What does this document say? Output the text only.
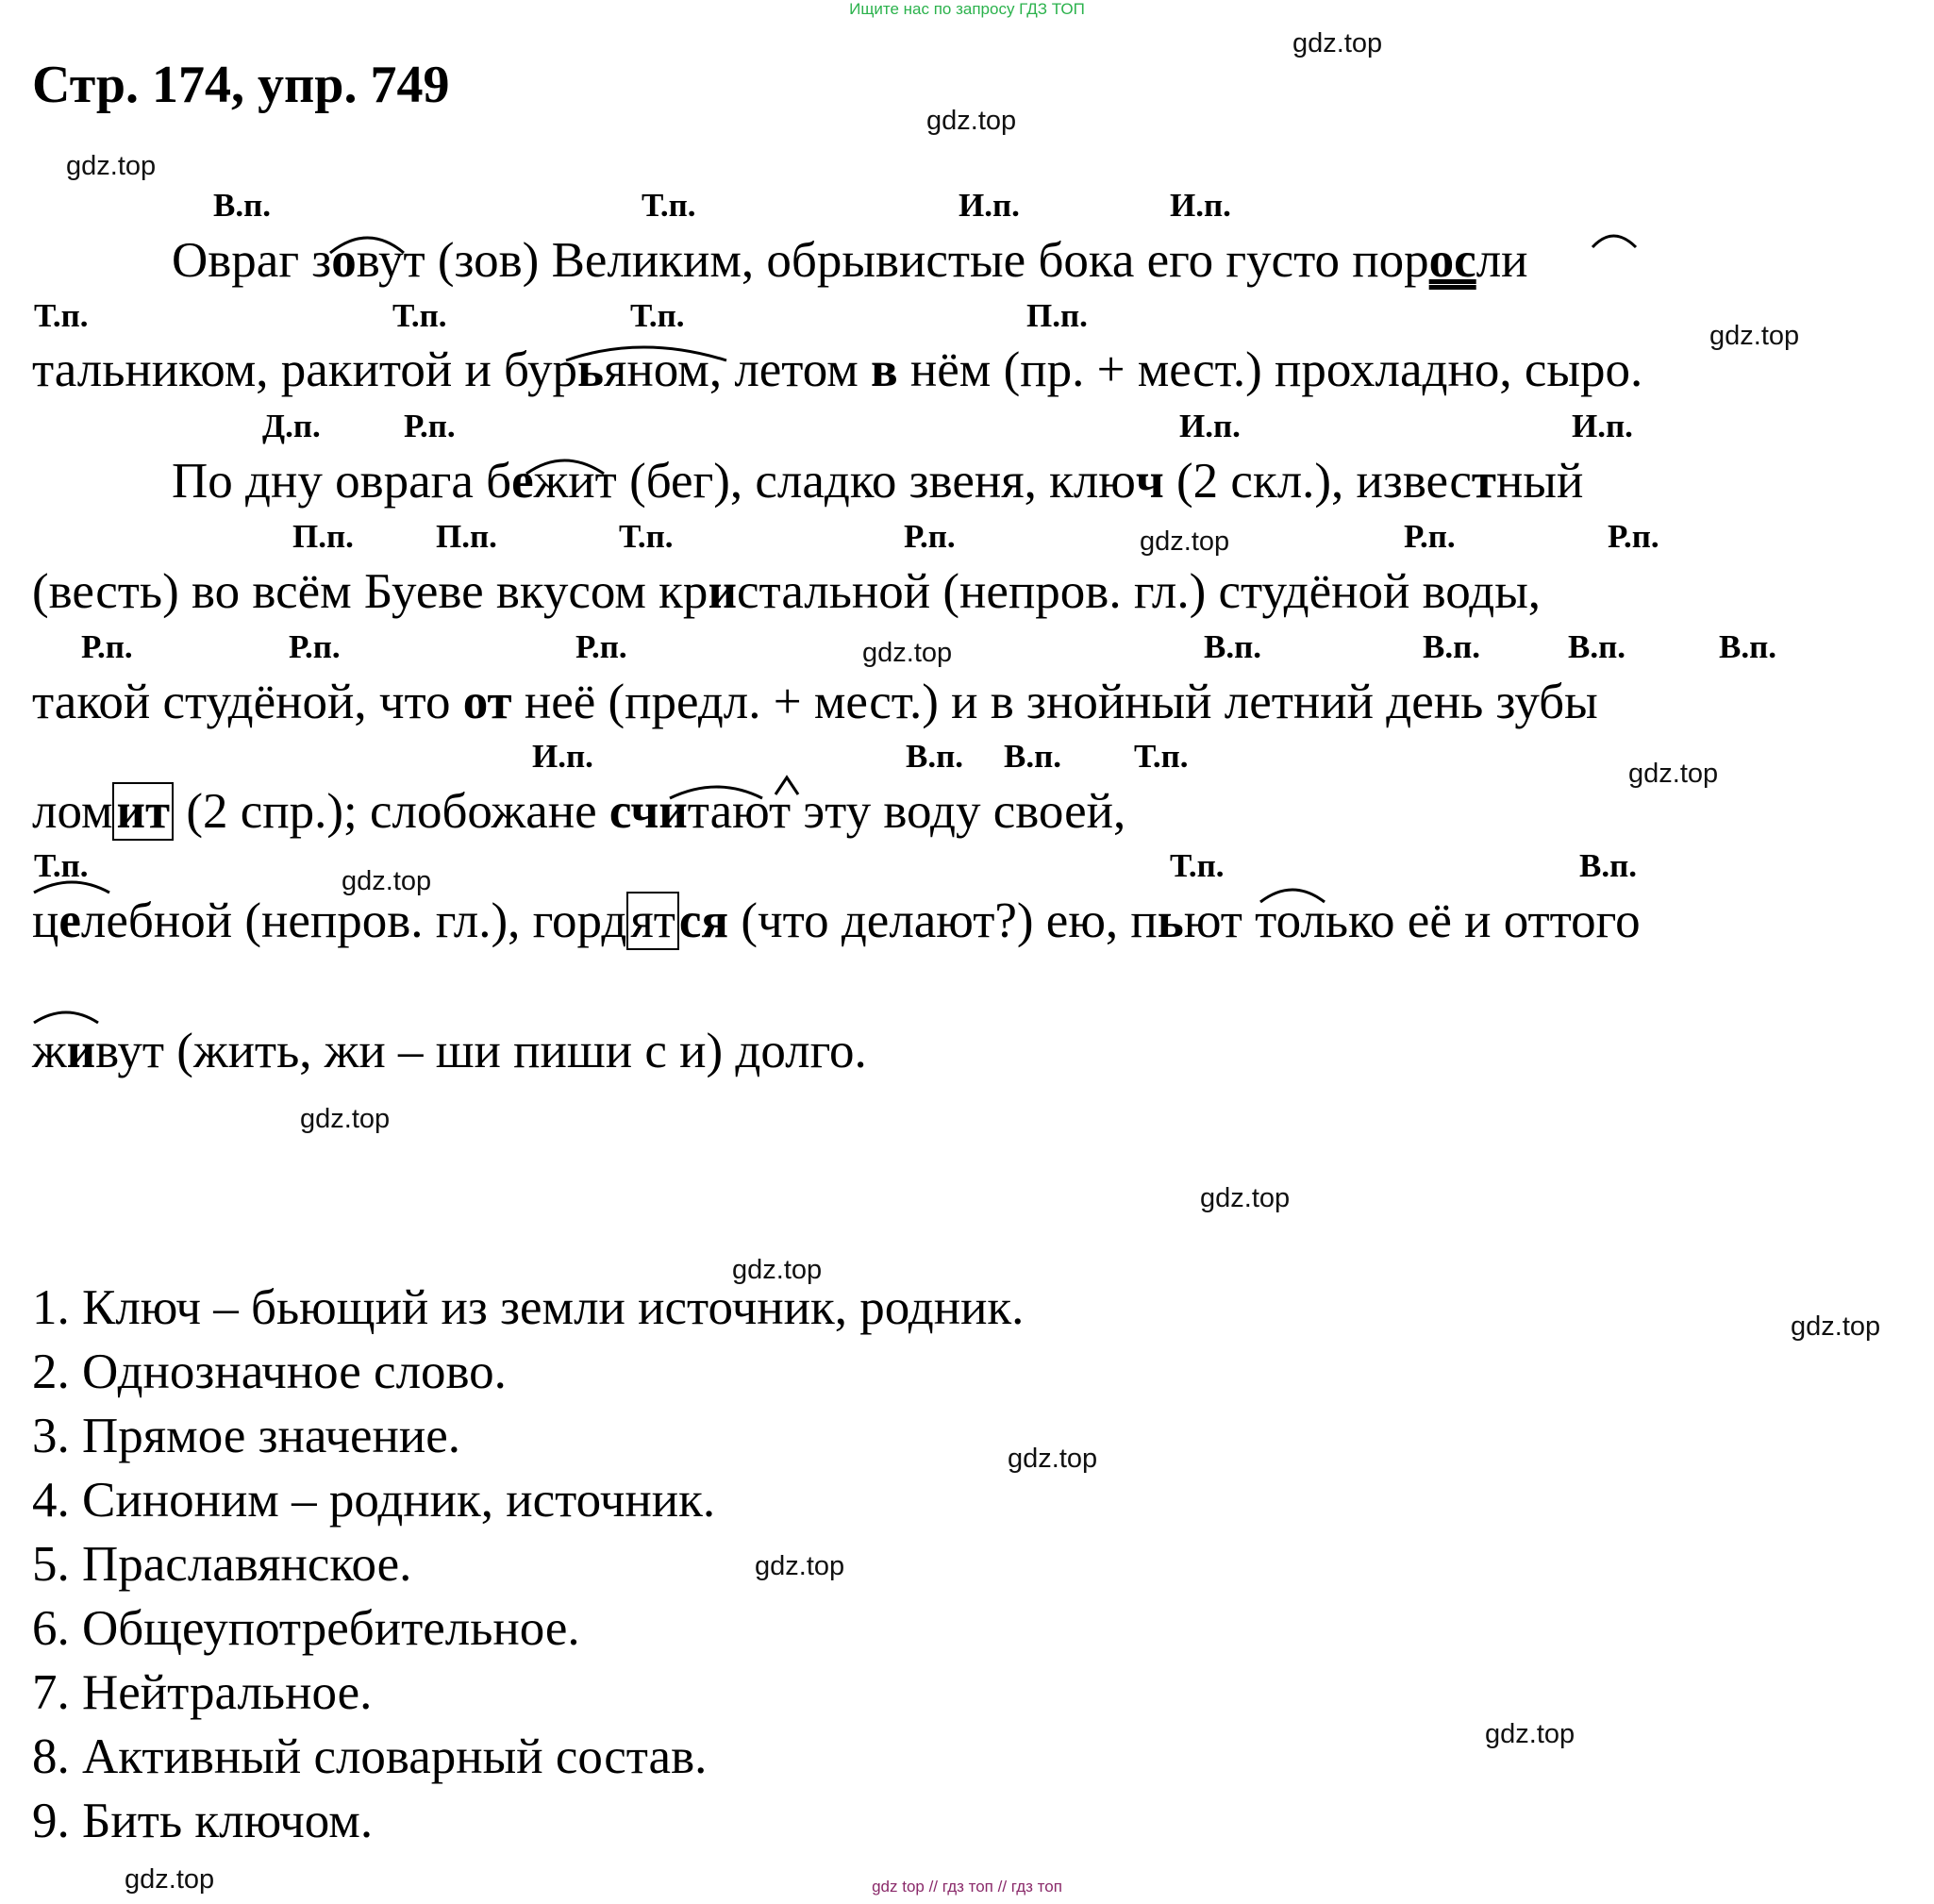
Ищите нас по запросу ГДЗ ТОП
Стр. 174, упр. 749
gdz.top
gdz.top
gdz.top
gdz.top
gdz.top
gdz.top
gdz.top
gdz.top
gdz.top
gdz.top
gdz.top
gdz.top
gdz.top
gdz.top
gdz.top
gdz.top
В.п.	Т.п.	И.п.	И.п.
Овраг зовут (зов) Великим, обрывистые бока его густо поросли
Т.п.	Т.п.	Т.п.	П.п.
тальником, ракитой и бурьяном, летом в нём (пр. + мест.) прохладно, сыро.
Д.п.	Р.п.	И.п.	И.п.
По дну оврага бежит (бег), сладко звеня, ключ (2 скл.), известный
П.п. П.п.	Т.п.	Р.п.	Р.п.	Р.п.
(весть) во всём Буеве вкусом кристальной (непров. гл.) студёной воды,
Р.п.	Р.п.	Р.п.	В.п.	В.п.	В.п.	В.п.
такой студёной, что от неё (предл. + мест.) и в знойный летний день зубы
И.п.	В.п. В.п. Т.п.
ломит (2 спр.); слобожане считают эту воду своей,
Т.п.	Т.п.	В.п.
целебной (непров. гл.), гордятся (что делают?) ею, пьют только её и оттого
живут (жить, жи – ши пиши с и) долго.
1. Ключ – бьющий из земли источник, родник.
2. Однозначное слово.
3. Прямое значение.
4. Синоним – родник, источник.
5. Праславянское.
6. Общеупотребительное.
7. Нейтральное.
8. Активный словарный состав.
9. Бить ключом.
gdz top // гдз топ // гдз топ
